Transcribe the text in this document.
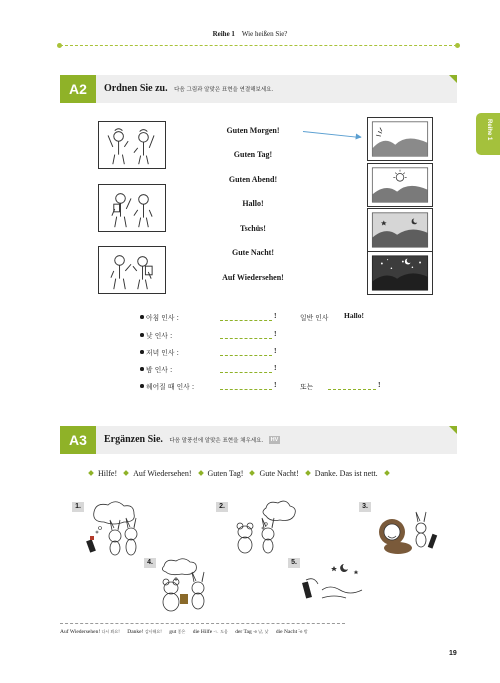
Reihe 1 Wie heißen Sie?
Reihe 1
A2	Ordnen Sie zu. 다음 그림과 알맞은 표현을 연결해보세요.
Guten Morgen!
Guten Tag!
Guten Abend!
Hallo!
Tschüs!
Gute Nacht!
Auf Wiedersehen!
아침 인사 :	!	일반 인사 Hallo!
낮 인사 :	!
저녁 인사 :	!
밤 인사 :	!
헤어질 때 인사 :	!	또는	!
A3	Ergänzen Sie. 다음 말풍선에 알맞은 표현을 채우세요. HV
Hilfe! Auf Wiedersehen! Guten Tag! Gute Nacht! Danke. Das ist nett.
1.	2.	3.
4.	5.
Auf Wiedersehen! 다시 봐요! Danke! 감사해요! gut 좋은 die Hilfe -ㄴ 도움 der Tag -e 날, 낮 die Nacht -̈e 밤
19
